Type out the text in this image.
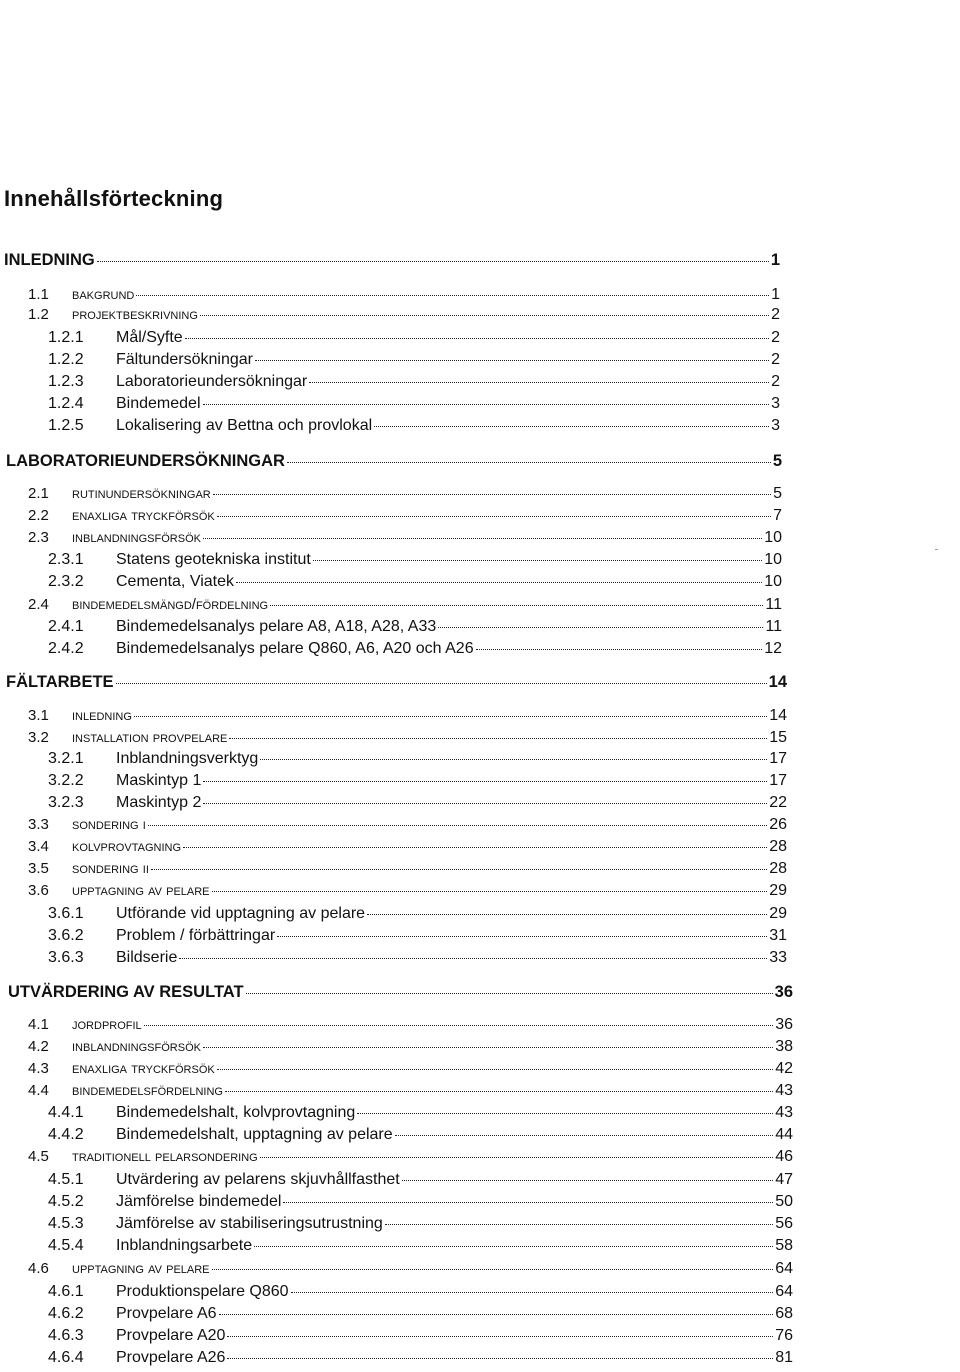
Innehållsförteckning
INLEDNING	1
1.1	bakgrund	1
1.2	projektbeskrivning	2
1.2.1	Mål/Syfte	2
1.2.2	Fältundersökningar	2
1.2.3	Laboratorieundersökningar	2
1.2.4	Bindemedel	3
1.2.5	Lokalisering av Bettna och provlokal	3
LABORATORIEUNDERSÖKNINGAR	5
2.1	rutinundersökningar	5
2.2	enaxliga tryckförsök	7
2.3	inblandningsförsök	10
2.3.1	Statens geotekniska institut	10
2.3.2	Cementa, Viatek	10
2.4	bindemedelsmängd/fördelning	11
2.4.1	Bindemedelsanalys pelare A8, A18, A28, A33	11
2.4.2	Bindemedelsanalys pelare Q860, A6, A20 och A26	12
FÄLTARBETE	14
3.1	inledning	14
3.2	installation provpelare	15
3.2.1	Inblandningsverktyg	17
3.2.2	Maskintyp 1	17
3.2.3	Maskintyp 2	22
3.3	sondering i	26
3.4	kolvprovtagning	28
3.5	sondering ii	28
3.6	upptagning av pelare	29
3.6.1	Utförande vid upptagning av pelare	29
3.6.2	Problem / förbättringar	31
3.6.3	Bildserie	33
UTVÄRDERING AV RESULTAT	36
4.1	jordprofil	36
4.2	inblandningsförsök	38
4.3	enaxliga tryckförsök	42
4.4	bindemedelsfördelning	43
4.4.1	Bindemedelshalt, kolvprovtagning	43
4.4.2	Bindemedelshalt, upptagning av pelare	44
4.5	traditionell pelarsondering	46
4.5.1	Utvärdering av pelarens skjuvhållfasthet	47
4.5.2	Jämförelse bindemedel	50
4.5.3	Jämförelse av stabiliseringsutrustning	56
4.5.4	Inblandningsarbete	58
4.6	upptagning av pelare	64
4.6.1	Produktionspelare Q860	64
4.6.2	Provpelare A6	68
4.6.3	Provpelare A20	76
4.6.4	Provpelare A26	81
